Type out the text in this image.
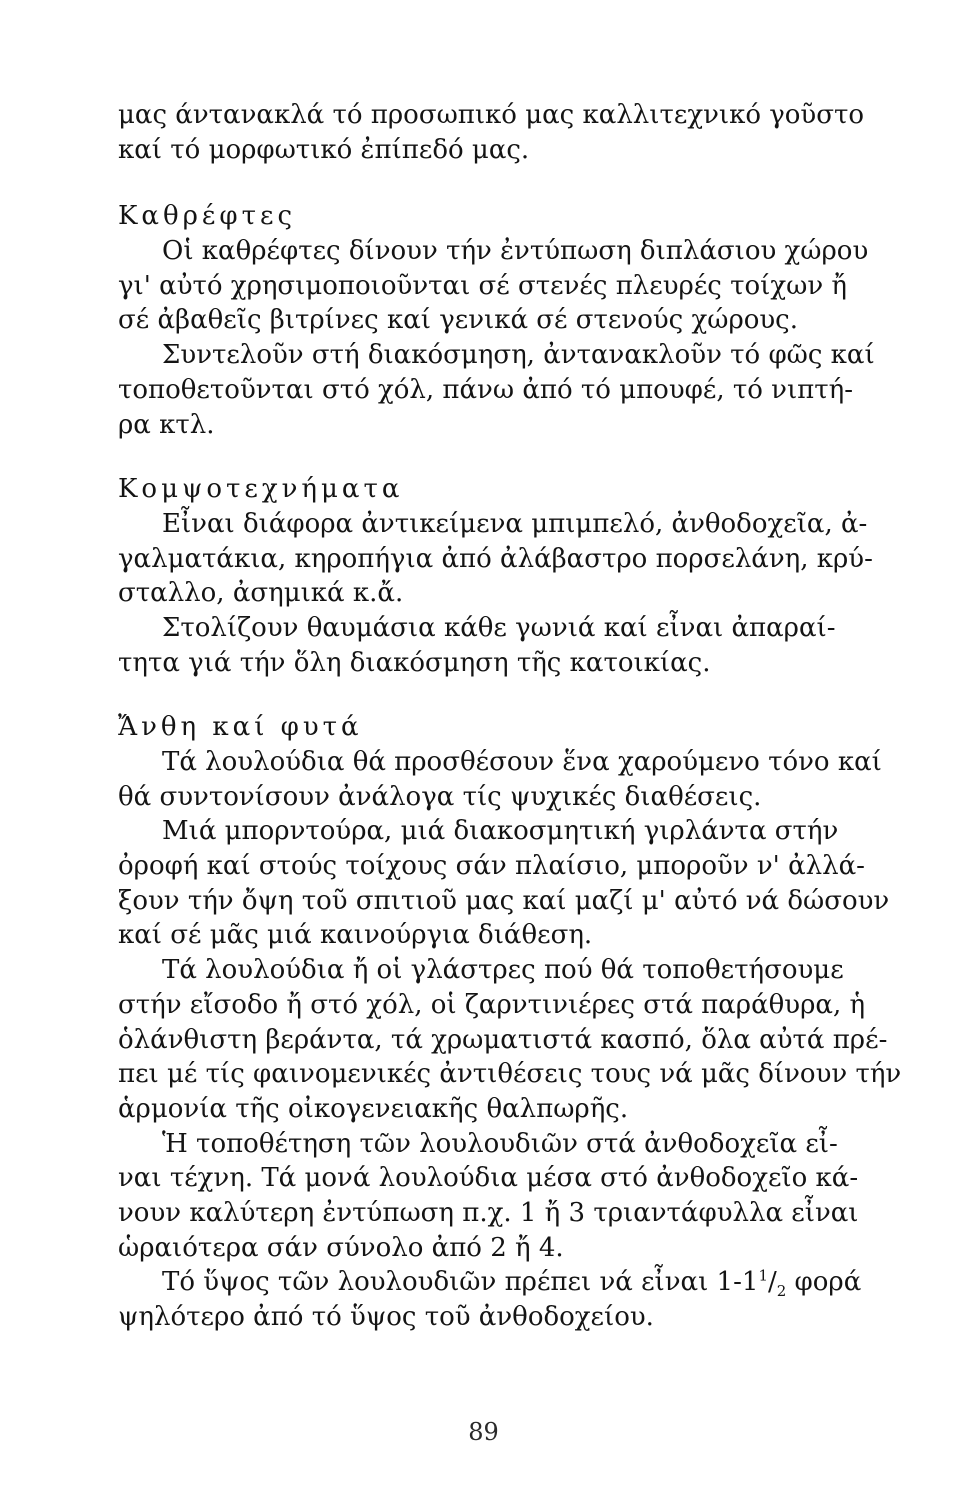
μας άντανακλά τό προσωπικό μας καλλιτεχνικό γοῦστο
καί τό μορφωτικό ἐπίπεδό μας.
Καθρέφτες
Οἱ καθρέφτες δίνουν τήν ἐντύπωση διπλάσιου χώρου
γι' αὐτό χρησιμοποιοῦνται σέ στενές πλευρές τοίχων ἤ
σέ ἀβαθεῖς βιτρίνες καί γενικά σέ στενούς χώρους.
Συντελοῦν στή διακόσμηση, ἀντανακλοῦν τό φῶς καί
τοποθετοῦνται στό χόλ, πάνω ἀπό τό μπουφέ, τό νιπτή-
ρα κτλ.
Κομψοτεχνήματα
Εἶναι διάφορα ἀντικείμενα μπιμπελό, ἀνθοδοχεῖα, ἀ-
γαλματάκια, κηροπήγια ἀπό ἀλάβαστρο πορσελάνη, κρύ-
σταλλο, ἀσημικά κ.ἄ.
Στολίζουν θαυμάσια κάθε γωνιά καί εἶναι ἀπαραί-
τητα γιά τήν ὅλη διακόσμηση τῆς κατοικίας.
Ἄνθη καί φυτά
Τά λουλούδια θά προσθέσουν ἕνα χαρούμενο τόνο καί
θά συντονίσουν ἀνάλογα τίς ψυχικές διαθέσεις.
Μιά μπορντούρα, μιά διακοσμητική γιρλάντα στήν
ὀροφή καί στούς τοίχους σάν πλαίσιο, μποροῦν ν' ἀλλά-
ξουν τήν ὄψη τοῦ σπιτιοῦ μας καί μαζί μ' αὐτό νά δώσουν
καί σέ μᾶς μιά καινούργια διάθεση.
Τά λουλούδια ἤ οἱ γλάστρες πού θά τοποθετήσουμε
στήν εἴσοδο ἤ στό χόλ, οἱ ζαρντινιέρες στά παράθυρα, ἡ
ὁλάνθιστη βεράντα, τά χρωματιστά κασπό, ὅλα αὐτά πρέ-
πει μέ τίς φαινομενικές ἀντιθέσεις τους νά μᾶς δίνουν τήν
ἁρμονία τῆς οἰκογενειακῆς θαλπωρῆς.
Ἡ τοποθέτηση τῶν λουλουδιῶν στά ἀνθοδοχεῖα εἶ-
ναι τέχνη. Τά μονά λουλούδια μέσα στό ἀνθοδοχεῖο κά-
νουν καλύτερη ἐντύπωση π.χ. 1 ἤ 3 τριαντάφυλλα εἶναι
ὡραιότερα σάν σύνολο ἀπό 2 ἤ 4.
Τό ὕψος τῶν λουλουδιῶν πρέπει νά εἶναι $1-1^1/_2$ φορά
ψηλότερο ἀπό τό ὕψος τοῦ ἀνθοδοχείου.
89
